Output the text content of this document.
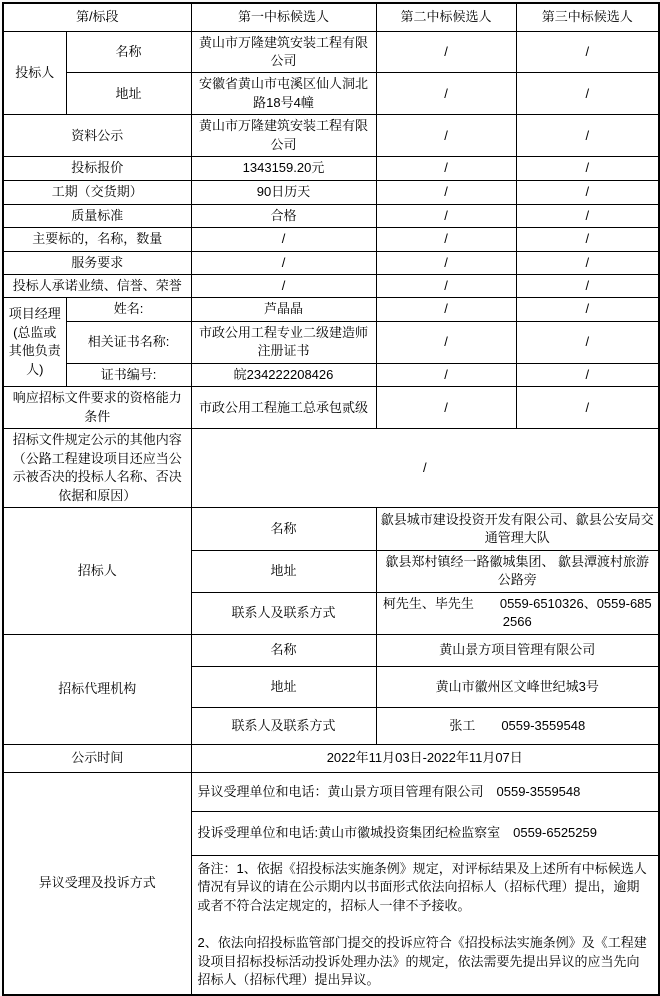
第/标段		第一中标候选人	第二中标候选人	第三中标候选人
投标人	名称	黄山市万隆建筑安装工程有限公司	/	/
	地址	安徽省黄山市屯溪区仙人洞北路18号4幢	/	/
资料公示		黄山市万隆建筑安装工程有限公司	/	/
投标报价		1343159.20元	/	/
工期（交货期）		90日历天	/	/
质量标准		合格	/	/
主要标的，名称，数量		/	/	/
服务要求		/	/	/
投标人承诺业绩、信誉、荣誉		/	/	/
项目经理(总监或其他负责人)	姓名:	芦晶晶	/	/
	相关证书名称:	市政公用工程专业二级建造师注册证书	/	/
	证书编号:	皖234222208426	/	/
响应招标文件要求的资格能力条件		市政公用工程施工总承包贰级	/	/
招标文件规定公示的其他内容（公路工程建设项目还应当公示被否决的投标人名称、否决依据和原因）		/		
招标人		名称	歙县城市建设投资开发有限公司、歙县公安局交通管理大队	
		地址	歙县郑村镇经一路徽城集团、 歙县潭渡村旅游公路旁	
		联系人及联系方式	柯先生、毕先生　　0559-6510326、0559-6852566	
招标代理机构		名称	黄山景方项目管理有限公司	
		地址	黄山市徽州区文峰世纪城3号	
		联系人及联系方式	张工　　0559-3559548	
公示时间		2022年11月03日-2022年11月07日		
异议受理及投诉方式		异议受理单位和电话：黄山景方项目管理有限公司　0559-3559548		
		投诉受理单位和电话:黄山市徽城投资集团纪检监察室　0559-6525259		

		备注：1、依据《招投标法实施条例》规定，对评标结果及上述所有中标候选人情况有异议的请在公示期内以书面形式依法向招标人（招标代理）提出，逾期或者不符合法定规定的，招标人一律不予接收。

2、依法向招投标监管部门提交的投诉应符合《招投标法实施条例》及《工程建设项目招标投标活动投诉处理办法》的规定，依法需要先提出异议的应当先向招标人（招标代理）提出异议。		
